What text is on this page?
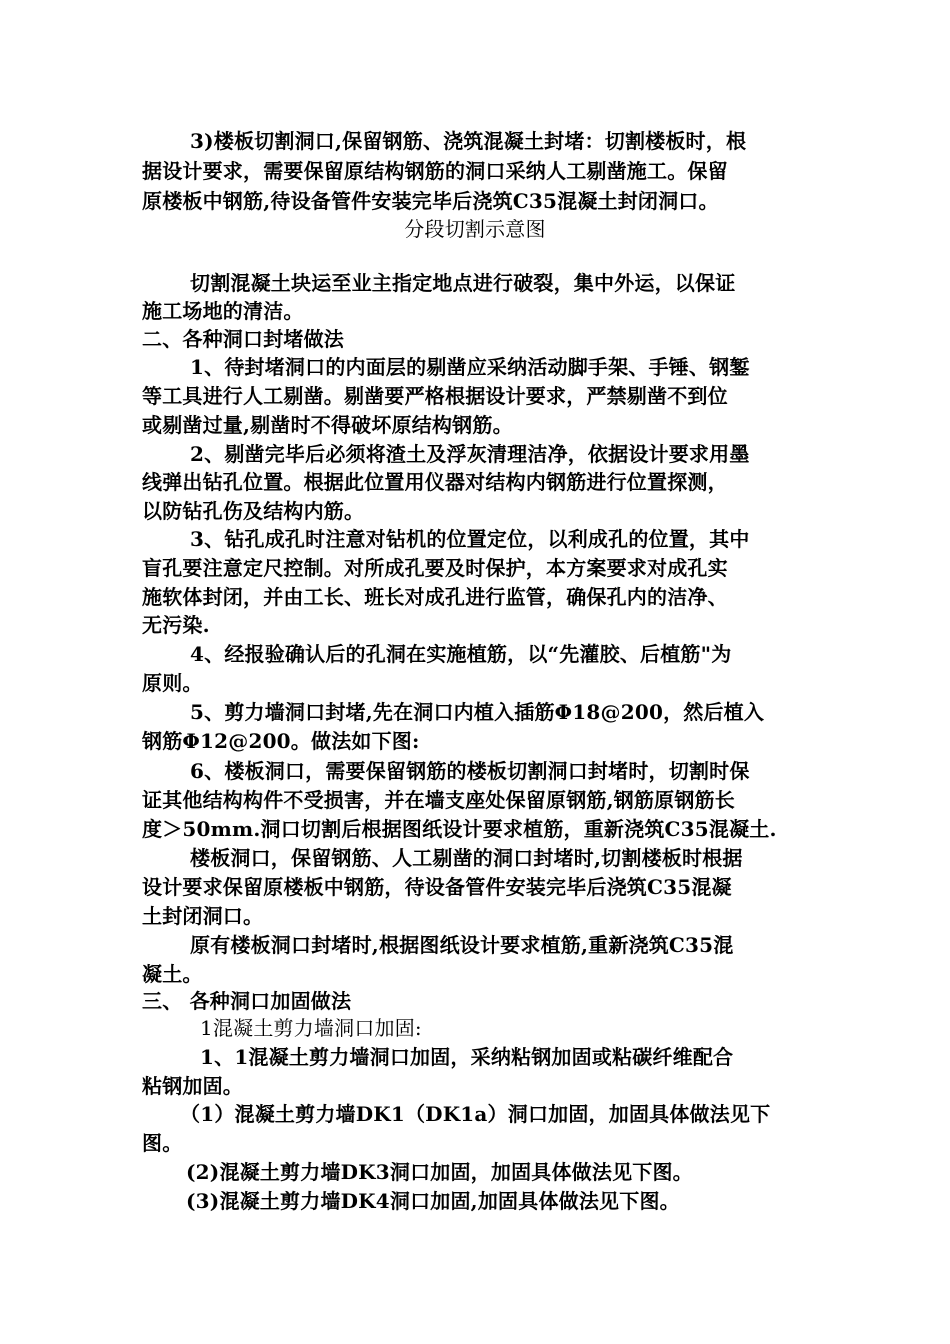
3)楼板切割洞口,保留钢筋、浇筑混凝土封堵：切割楼板时，根
据设计要求，需要保留原结构钢筋的洞口采纳人工剔凿施工。保留
原楼板中钢筋,待设备管件安装完毕后浇筑C35混凝土封闭洞口。
分段切割示意图
切割混凝土块运至业主指定地点进行破裂，集中外运，以保证
施工场地的清洁。
二、各种洞口封堵做法
1、待封堵洞口的内面层的剔凿应采纳活动脚手架、手锤、钢錾
等工具进行人工剔凿。剔凿要严格根据设计要求，严禁剔凿不到位
或剔凿过量,剔凿时不得破坏原结构钢筋。
2、剔凿完毕后必须将渣土及浮灰清理洁净，依据设计要求用墨
线弹出钻孔位置。根据此位置用仪器对结构内钢筋进行位置探测，
以防钻孔伤及结构内筋。
3、钻孔成孔时注意对钻机的位置定位，以利成孔的位置，其中
盲孔要注意定尺控制。对所成孔要及时保护，本方案要求对成孔实
施软体封闭，并由工长、班长对成孔进行监管，确保孔内的洁净、
无污染.
4、经报验确认后的孔洞在实施植筋，以“先灌胶、后植筋"为
原则。
5、剪力墙洞口封堵,先在洞口内植入插筋Φ18@200，然后植入
钢筋Φ12@200。做法如下图:
6、楼板洞口，需要保留钢筋的楼板切割洞口封堵时，切割时保
证其他结构构件不受损害，并在墙支座处保留原钢筋,钢筋原钢筋长
度＞50mm.洞口切割后根据图纸设计要求植筋，重新浇筑C35混凝土.
楼板洞口，保留钢筋、人工剔凿的洞口封堵时,切割楼板时根据
设计要求保留原楼板中钢筋，待设备管件安装完毕后浇筑C35混凝
土封闭洞口。
原有楼板洞口封堵时,根据图纸设计要求植筋,重新浇筑C35混
凝土。
三、 各种洞口加固做法
1混凝土剪力墙洞口加固:
1、1混凝土剪力墙洞口加固，采纳粘钢加固或粘碳纤维配合
粘钢加固。
（1）混凝土剪力墙DK1（DK1a）洞口加固，加固具体做法见下
图。
(2)混凝土剪力墙DK3洞口加固，加固具体做法见下图。
(3)混凝土剪力墙DK4洞口加固,加固具体做法见下图。
